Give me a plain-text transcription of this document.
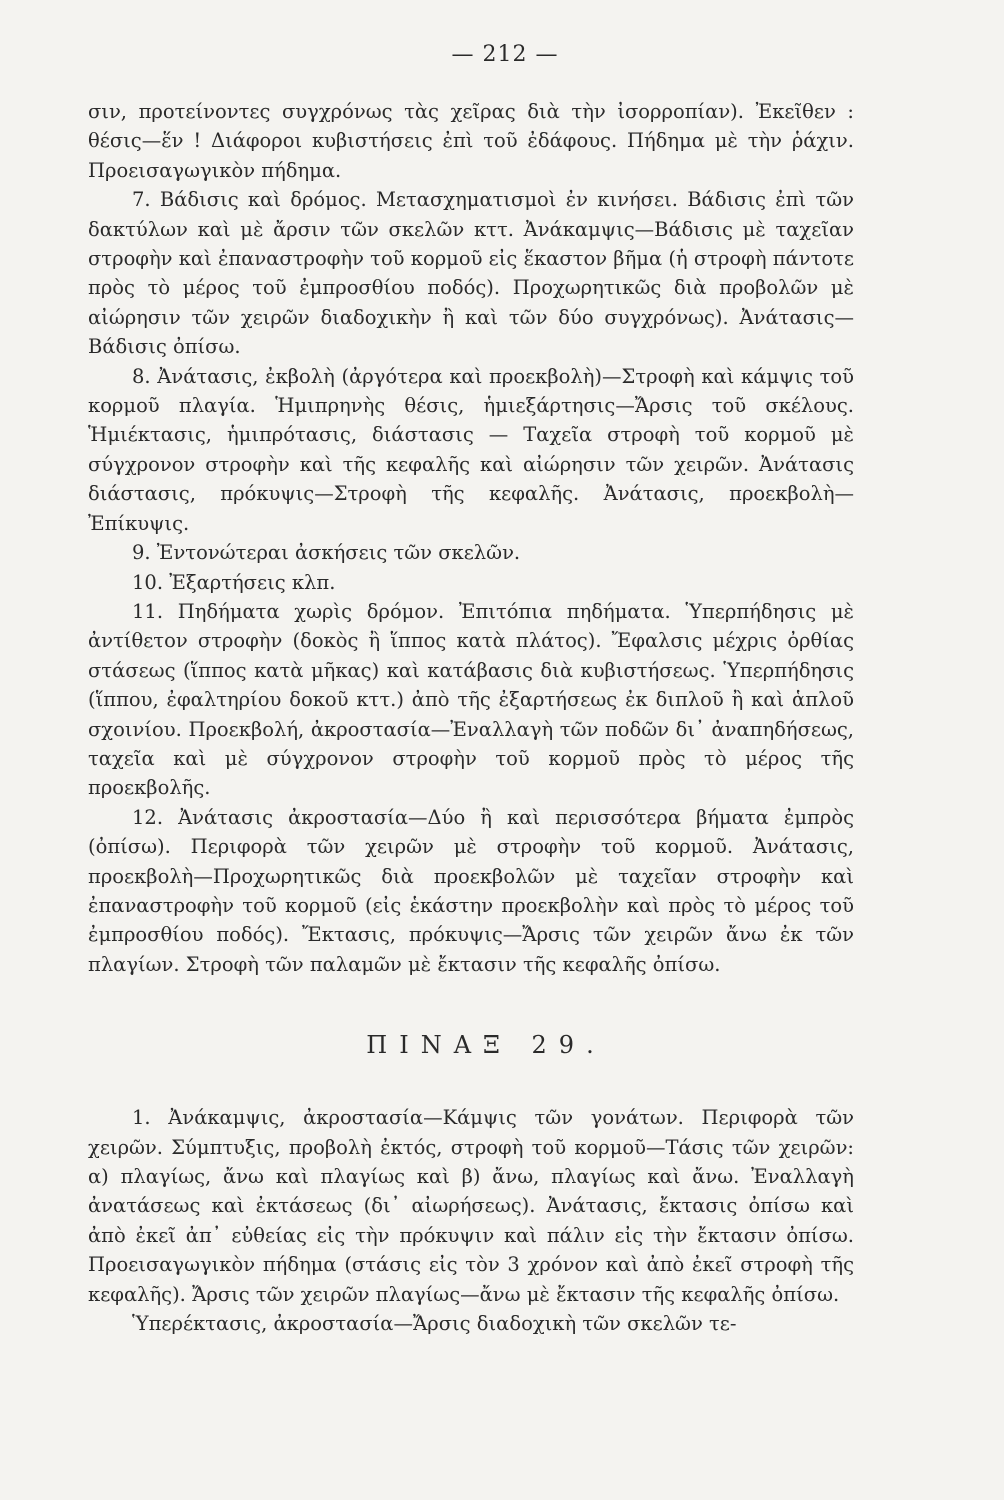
— 212 —

σιν, προτείνοντες συγχρόνως τὰς χεῖρας διὰ τὴν ἰσορροπίαν). Ἐκεῖθεν : θέσις—ἕν ! Διάφοροι κυβιστήσεις ἐπὶ τοῦ ἐδάφους. Πήδημα μὲ τὴν ῥάχιν. Προεισαγωγικὸν πήδημα.

7. Βάδισις καὶ δρόμος. Μετασχηματισμοὶ ἐν κινήσει. Βάδισις ἐπὶ τῶν δακτύλων καὶ μὲ ἄρσιν τῶν σκελῶν κττ. Ἀνάκαμψις—Βάδισις μὲ ταχεῖαν στροφὴν καὶ ἐπαναστροφὴν τοῦ κορμοῦ εἰς ἕκαστον βῆμα (ἡ στροφὴ πάντοτε πρὸς τὸ μέρος τοῦ ἐμπροσθίου ποδός). Προχωρητικῶς διὰ προβολῶν μὲ αἰώρησιν τῶν χειρῶν διαδοχικὴν ἢ καὶ τῶν δύο συγχρόνως). Ἀνάτασις—Βάδισις ὀπίσω.

8. Ἀνάτασις, ἐκβολὴ (ἀργότερα καὶ προεκβολὴ)—Στροφὴ καὶ κάμψις τοῦ κορμοῦ πλαγία. Ἡμιπρηνὴς θέσις, ἡμιεξάρτησις—Ἄρσις τοῦ σκέλους. Ἡμιέκτασις, ἡμιπρότασις, διάστασις — Ταχεῖα στροφὴ τοῦ κορμοῦ μὲ σύγχρονον στροφὴν καὶ τῆς κεφαλῆς καὶ αἰώρησιν τῶν χειρῶν. Ἀνάτασις διάστασις, πρόκυψις—Στροφὴ τῆς κεφαλῆς. Ἀνάτασις, προεκβολὴ—Ἐπίκυψις.

9. Ἐντονώτεραι ἀσκήσεις τῶν σκελῶν.

10. Ἐξαρτήσεις κλπ.

11. Πηδήματα χωρὶς δρόμον. Ἐπιτόπια πηδήματα. Ὑπερπήδησις μὲ ἀντίθετον στροφὴν (δοκὸς ἢ ἵππος κατὰ πλάτος). Ἔφαλσις μέχρις ὀρθίας στάσεως (ἵππος κατὰ μῆκας) καὶ κατάβασις διὰ κυβιστήσεως. Ὑπερπήδησις (ἵππου, ἐφαλτηρίου δοκοῦ κττ.) ἀπὸ τῆς ἐξαρτήσεως ἐκ διπλοῦ ἢ καὶ ἁπλοῦ σχοινίου. Προεκβολή, ἀκροστασία—Ἐναλλαγὴ τῶν ποδῶν δι᾽ ἀναπηδήσεως, ταχεῖα καὶ μὲ σύγχρονον στροφὴν τοῦ κορμοῦ πρὸς τὸ μέρος τῆς προεκβολῆς.

12. Ἀνάτασις ἀκροστασία—Δύο ἢ καὶ περισσότερα βήματα ἐμπρὸς (ὀπίσω). Περιφορὰ τῶν χειρῶν μὲ στροφὴν τοῦ κορμοῦ. Ἀνάτασις, προεκβολὴ—Προχωρητικῶς διὰ προεκβολῶν μὲ ταχεῖαν στροφὴν καὶ ἐπαναστροφὴν τοῦ κορμοῦ (εἰς ἑκάστην προεκβολὴν καὶ πρὸς τὸ μέρος τοῦ ἐμπροσθίου ποδός). Ἔκτασις, πρόκυψις—Ἄρσις τῶν χειρῶν ἄνω ἐκ τῶν πλαγίων. Στροφὴ τῶν παλαμῶν μὲ ἔκτασιν τῆς κεφαλῆς ὀπίσω.

ΠΙΝΑΞ 29.

1. Ἀνάκαμψις, ἀκροστασία—Κάμψις τῶν γονάτων. Περιφορὰ τῶν χειρῶν. Σύμπτυξις, προβολὴ ἐκτός, στροφὴ τοῦ κορμοῦ—Τάσις τῶν χειρῶν: α) πλαγίως, ἄνω καὶ πλαγίως καὶ β) ἄνω, πλαγίως καὶ ἄνω. Ἐναλλαγὴ ἀνατάσεως καὶ ἐκτάσεως (δι᾽ αἰωρήσεως). Ἀνάτασις, ἔκτασις ὀπίσω καὶ ἀπὸ ἐκεῖ ἀπ᾽ εὐθείας εἰς τὴν πρόκυψιν καὶ πάλιν εἰς τὴν ἔκτασιν ὀπίσω. Προεισαγωγικὸν πήδημα (στάσις εἰς τὸν 3 χρόνον καὶ ἀπὸ ἐκεῖ στροφὴ τῆς κεφαλῆς). Ἄρσις τῶν χειρῶν πλαγίως—ἄνω μὲ ἔκτασιν τῆς κεφαλῆς ὀπίσω.

Ὑπερέκτασις, ἀκροστασία—Ἄρσις διαδοχικὴ τῶν σκελῶν τε-
